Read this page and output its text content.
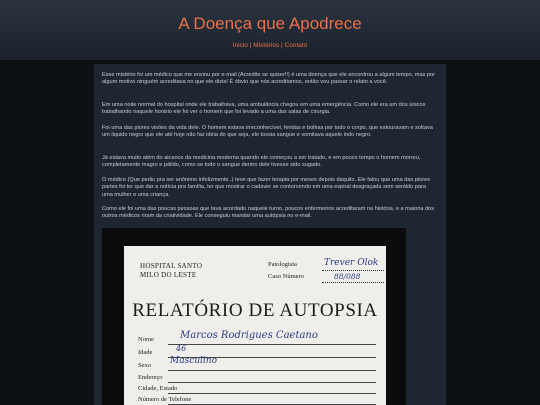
A Doença que Apodrece
Inicio | Mistérios | Contato

Esse mistério foi um médico que me enviou por e-mail (Acredite se quiser!!) é uma doença que ele encontrou a algum tempo, mas por algum motivo ninguém acreditava no que ele dizia! É óbvio que nós acreditamos, então vou passar o relato a você.

Em uma noite normal do hospital onde ele trabalhava, uma ambulância chegou em uma emergência. Como ele era um dos únicos trabalhando naquele horário ele foi ver o homem que foi levado a uma das salas de cirurgia.

Foi uma das piores visões da vida dele. O homem estava irreconhecível, feridas e bolhas por todo o corpo, que estouravam e soltava um liquido negro que ele até hoje não faz idéia do que seja, ele tossia sangue e vomitava aquele lodo negro.

Já estava muito além do alcance da medicina moderna quando ele começou a ser tratado, e em pouco tempo o homem morreu, completamente magro e pálido, como se todo o sangue dentro dele tivesse sido sugado.

O médico (Que pediu pra ser anônimo infelizmente..) teve que fazer terapia por meses depois daquilo. Ele falou que uma das piores partes foi ter que dar a notícia pra família, ter que mostrar o cadaver se contorcendo em uma espiral desgraçada sem sentido para uma mulher e uma criança.

Como ele foi uma das poucas pessoas que tava acordado naquele turno, poucos enfermeiros acreditaram na história, e a maioria dos outros médicos riram da criatividade. Ele conseguiu mandar uma autópsia no e-mail.

HOSPITAL SANTO
MILO DO LESTE
Patologista	Trever Olok
Caso Número	88/088
RELATÓRIO DE AUTOPSIA
Nome	Marcos Rodrigues Caetano
Idade	46
Sexo Masculino
Endereço
Cidade, Estado
Número de Telefone
